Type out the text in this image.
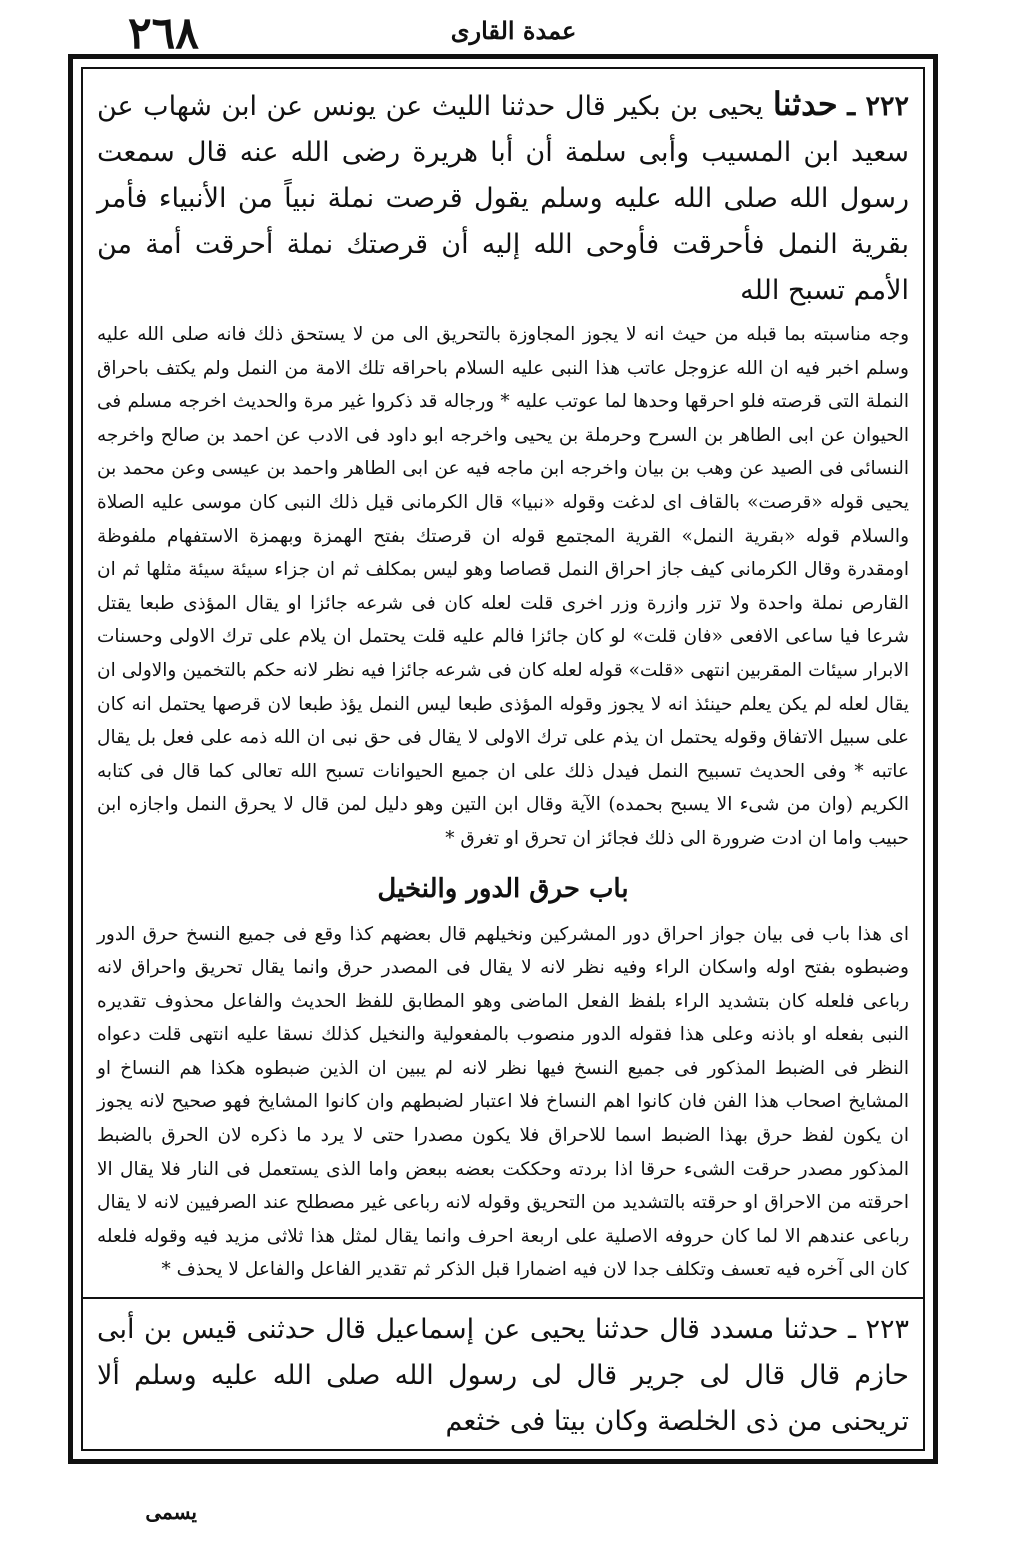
۲٦٨	عمدة القارى
۲۲۲ ـ حدثنا يحيى بن بكير قال حدثنا الليث عن يونس عن ابن شهاب عن سعيد ابن المسيب وأبى سلمة أن أبا هريرة رضى الله عنه قال سمعت رسول الله صلى الله عليه وسلم يقول قرصت نملة نبياً من الأنبياء فأمر بقرية النمل فأحرقت فأوحى الله إليه أن قرصتك نملة أحرقت أمة من الأمم تسبح الله
وجه مناسبته بما قبله من حيث انه لا يجوز المجاوزة بالتحريق الى من لا يستحق ذلك فانه صلى الله عليه وسلم اخبر فيه ان الله عزوجل عاتب هذا النبى عليه السلام باحراقه تلك الامة من النمل ولم يكتف باحراق النملة التى قرصته فلو احرقها وحدها لما عوتب عليه * ورجاله قد ذكروا غير مرة والحديث اخرجه مسلم فى الحيوان عن ابى الطاهر بن السرح وحرملة بن يحيى واخرجه ابو داود فى الادب عن احمد بن صالح واخرجه النسائى فى الصيد عن وهب بن بيان واخرجه ابن ماجه فيه عن ابى الطاهر واحمد بن عيسى وعن محمد بن يحيى قوله «قرصت» بالقاف اى لدغت وقوله «نبيا» قال الكرمانى قيل ذلك النبى كان موسى عليه الصلاة والسلام قوله «بقرية النمل» القرية المجتمع قوله ان قرصتك بفتح الهمزة وبهمزة الاستفهام ملفوظة اومقدرة وقال الكرمانى كيف جاز احراق النمل قصاصا وهو ليس بمكلف ثم ان جزاء سيئة سيئة مثلها ثم ان القارص نملة واحدة ولا تزر وازرة وزر اخرى قلت لعله كان فى شرعه جائزا او يقال المؤذى طبعا يقتل شرعا فيا ساعى الافعى «فان قلت» لو كان جائزا فالم عليه قلت يحتمل ان يلام على ترك الاولى وحسنات الابرار سيئات المقربين انتهى «قلت» قوله لعله كان فى شرعه جائزا فيه نظر لانه حكم بالتخمين والاولى ان يقال لعله لم يكن يعلم حينئذ انه لا يجوز وقوله المؤذى طبعا ليس النمل يؤذ طبعا لان قرصها يحتمل انه كان على سبيل الاتفاق وقوله يحتمل ان يذم على ترك الاولى لا يقال فى حق نبى ان الله ذمه على فعل بل يقال عاتبه * وفى الحديث تسبيح النمل فيدل ذلك على ان جميع الحيوانات تسبح الله تعالى كما قال فى كتابه الكريم (وان من شىء الا يسبح بحمده) الآية وقال ابن التين وهو دليل لمن قال لا يحرق النمل واجازه ابن حبيب واما ان ادت ضرورة الى ذلك فجائز ان تحرق او تغرق *
باب حرق الدور والنخيل
اى هذا باب فى بيان جواز احراق دور المشركين ونخيلهم قال بعضهم كذا وقع فى جميع النسخ حرق الدور وضبطوه بفتح اوله واسكان الراء وفيه نظر لانه لا يقال فى المصدر حرق وانما يقال تحريق واحراق لانه رباعى فلعله كان بتشديد الراء بلفظ الفعل الماضى وهو المطابق للفظ الحديث والفاعل محذوف تقديره النبى بفعله او باذنه وعلى هذا فقوله الدور منصوب بالمفعولية والنخيل كذلك نسقا عليه انتهى قلت دعواه النظر فى الضبط المذكور فى جميع النسخ فيها نظر لانه لم يبين ان الذين ضبطوه هكذا هم النساخ او المشايخ اصحاب هذا الفن فان كانوا اهم النساخ فلا اعتبار لضبطهم وان كانوا المشايخ فهو صحيح لانه يجوز ان يكون لفظ حرق بهذا الضبط اسما للاحراق فلا يكون مصدرا حتى لا يرد ما ذكره لان الحرق بالضبط المذكور مصدر حرقت الشىء حرقا اذا بردته وحككت بعضه ببعض واما الذى يستعمل فى النار فلا يقال الا احرقته من الاحراق او حرقته بالتشديد من التحريق وقوله لانه رباعى غير مصطلح عند الصرفيين لانه لا يقال رباعى عندهم الا لما كان حروفه الاصلية على اربعة احرف وانما يقال لمثل هذا ثلاثى مزيد فيه وقوله فلعله كان الى آخره فيه تعسف وتكلف جدا لان فيه اضمارا قبل الذكر ثم تقدير الفاعل والفاعل لا يحذف *
۲۲۳ ـ حدثنا مسدد قال حدثنا يحيى عن إسماعيل قال حدثنى قيس بن أبى حازم قال قال لى جرير قال لى رسول الله صلى الله عليه وسلم ألا تريحنى من ذى الخلصة وكان بيتا فى خثعم
يسمى
